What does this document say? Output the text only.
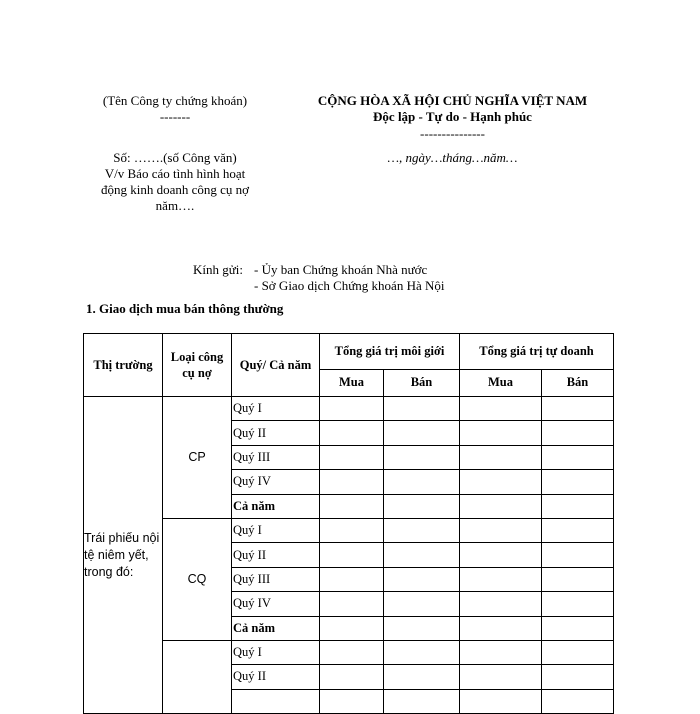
(Tên Công ty chứng khoán)
-------
Số: …….(số Công văn)
V/v Báo cáo tình hình hoạt
động kinh doanh công cụ nợ
năm….
CỘNG HÒA XÃ HỘI CHỦ NGHĨA VIỆT NAM
Độc lập - Tự do - Hạnh phúc
---------------
…, ngày…tháng…năm…
Kính gửi: - Ủy ban Chứng khoán Nhà nước
- Sở Giao dịch Chứng khoán Hà Nội
1. Giao dịch mua bán thông thường
Thị trường	Loại công cụ nợ	Quý/ Cả năm	Tổng giá trị môi giới		Tổng giá trị tự doanh	
			Mua	Bán	Mua	Bán
Trái phiếu nội tệ niêm yết, trong đó:	CP	Quý I				
		Quý II				
		Quý III				
		Quý IV				
		Cả năm				
	CQ	Quý I				
		Quý II				
		Quý III				
		Quý IV				
		Cả năm				
		Quý I				
		Quý II				
